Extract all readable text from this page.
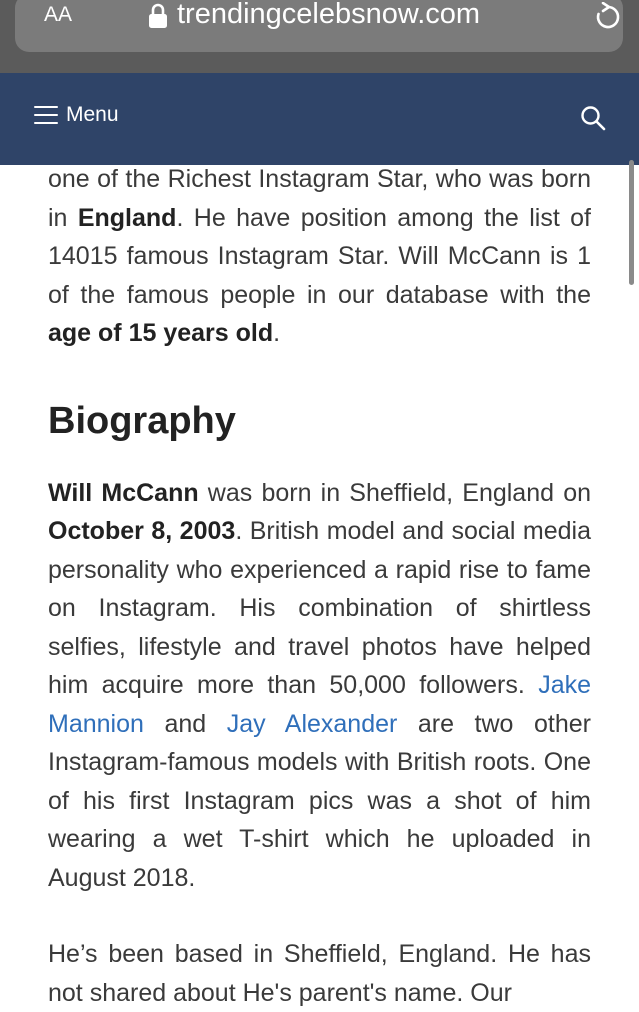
AA	trendingcelebsnow.com
Menu

one of the Richest Instagram Star, who was born in England. He have position among the list of 14015 famous Instagram Star. Will McCann is 1 of the famous people in our database with the age of 15 years old.

Biography

Will McCann was born in Sheffield, England on October 8, 2003. British model and social media personality who experienced a rapid rise to fame on Instagram. His combination of shirtless selfies, lifestyle and travel photos have helped him acquire more than 50,000 followers. Jake Mannion and Jay Alexander are two other Instagram-famous models with British roots. One of his first Instagram pics was a shot of him wearing a wet T-shirt which he uploaded in August 2018.

He’s been based in Sheffield, England. He has not shared about He's parent's name. Our
